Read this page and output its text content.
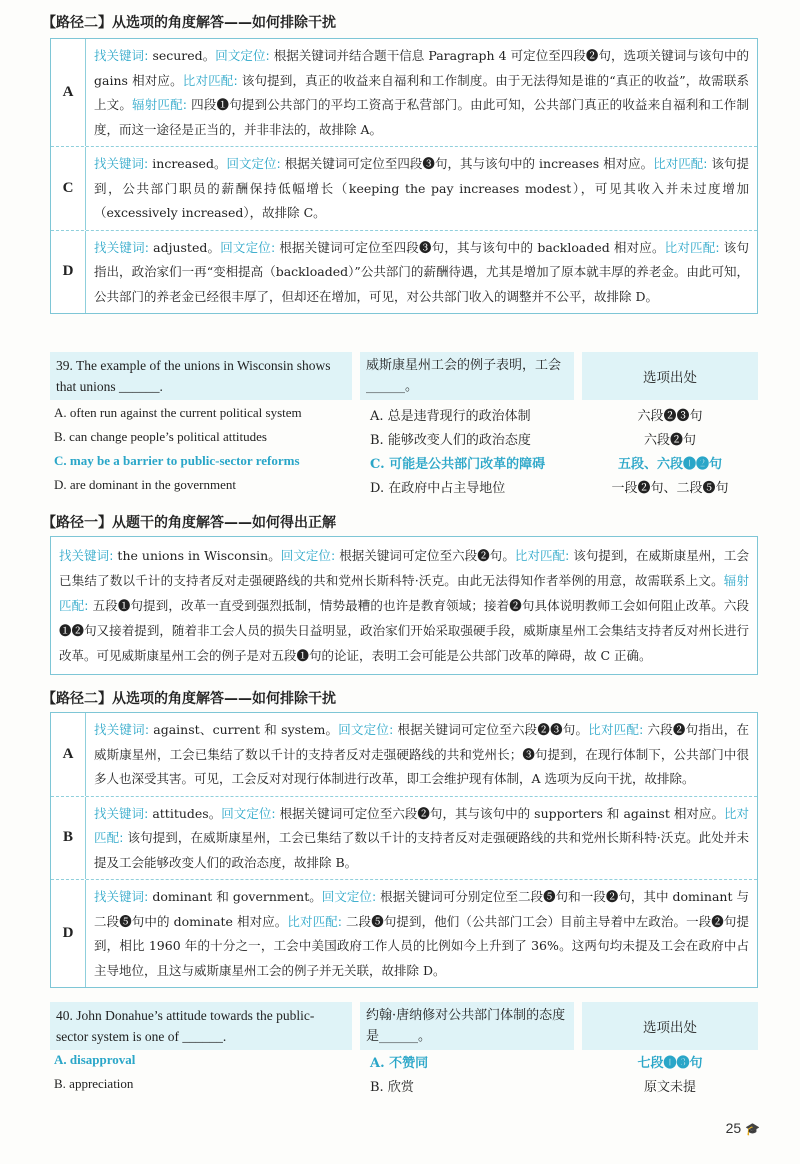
【路径二】从选项的角度解答——如何排除干扰
A
找关键词: secured。回文定位: 根据关键词并结合题干信息 Paragraph 4 可定位至四段❷句，选项关键词与该句中的 gains 相对应。比对匹配: 该句提到，真正的收益来自福利和工作制度。由于无法得知是谁的“真正的收益”，故需联系上文。辐射匹配: 四段❶句提到公共部门的平均工资高于私营部门。由此可知，公共部门真正的收益来自福利和工作制度，而这一途径是正当的，并非非法的，故排除 A。
C
找关键词: increased。回文定位: 根据关键词可定位至四段❸句，其与该句中的 increases 相对应。比对匹配: 该句提到，公共部门职员的薪酬保持低幅增长（keeping the pay increases modest），可见其收入并未过度增加（excessively increased），故排除 C。
D
找关键词: adjusted。回文定位: 根据关键词可定位至四段❸句，其与该句中的 backloaded 相对应。比对匹配: 该句指出，政治家们一再“变相提高（backloaded）”公共部门的薪酬待遇，尤其是增加了原本就丰厚的养老金。由此可知，公共部门的养老金已经很丰厚了，但却还在增加，可见，对公共部门收入的调整并不公平，故排除 D。
39. The example of the unions in Wisconsin shows that unions ______.
威斯康星州工会的例子表明，工会______。
选项出处
A. often run against the current political system	A. 总是违背现行的政治体制	六段❷❸句
B. can change people’s political attitudes	B. 能够改变人们的政治态度	六段❷句
C. may be a barrier to public-sector reforms	C. 可能是公共部门改革的障碍	五段、六段❶❷句
D. are dominant in the government	D. 在政府中占主导地位	一段❷句、二段❺句
【路径一】从题干的角度解答——如何得出正解
找关键词: the unions in Wisconsin。回文定位: 根据关键词可定位至六段❷句。比对匹配: 该句提到，在威斯康星州，工会已集结了数以千计的支持者反对走强硬路线的共和党州长斯科特·沃克。由此无法得知作者举例的用意，故需联系上文。辐射匹配: 五段❶句提到，改革一直受到强烈抵制，情势最糟的也许是教育领域；接着❷句具体说明教师工会如何阻止改革。六段❶❷句又接着提到，随着非工会人员的损失日益明显，政治家们开始采取强硬手段，威斯康星州工会集结支持者反对州长进行改革。可见威斯康星州工会的例子是对五段❶句的论证，表明工会可能是公共部门改革的障碍，故 C 正确。
【路径二】从选项的角度解答——如何排除干扰
A
找关键词: against、current 和 system。回文定位: 根据关键词可定位至六段❷❸句。比对匹配: 六段❷句指出，在威斯康星州，工会已集结了数以千计的支持者反对走强硬路线的共和党州长；❸句提到，在现行体制下，公共部门中很多人也深受其害。可见，工会反对对现行体制进行改革，即工会维护现有体制，A 选项为反向干扰，故排除。
B
找关键词: attitudes。回文定位: 根据关键词可定位至六段❷句，其与该句中的 supporters 和 against 相对应。比对匹配: 该句提到，在威斯康星州，工会已集结了数以千计的支持者反对走强硬路线的共和党州长斯科特·沃克。此处并未提及工会能够改变人们的政治态度，故排除 B。
D
找关键词: dominant 和 government。回文定位: 根据关键词可分别定位至二段❺句和一段❷句，其中 dominant 与二段❺句中的 dominate 相对应。比对匹配: 二段❺句提到，他们（公共部门工会）目前主导着中左政治。一段❷句提到，相比 1960 年的十分之一，工会中美国政府工作人员的比例如今上升到了 36%。这两句均未提及工会在政府中占主导地位，且这与威斯康星州工会的例子并无关联，故排除 D。
40. John Donahue’s attitude towards the public-sector system is one of ______.
约翰·唐纳修对公共部门体制的态度是______。
选项出处
A. disapproval	A. 不赞同	七段❶❸句
B. appreciation	B. 欣赏	原文未提
25 🎓
